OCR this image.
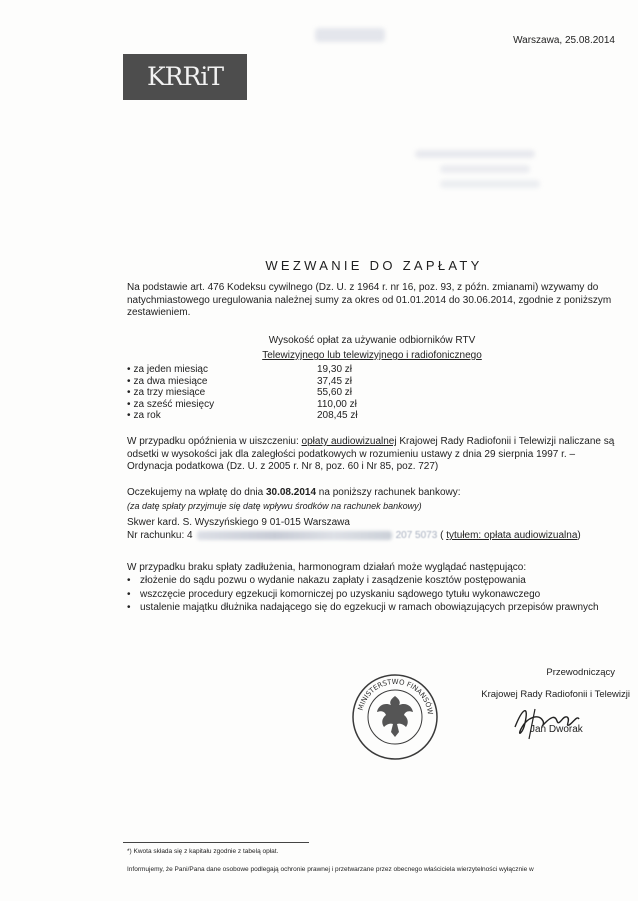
Warszawa, 25.08.2014
KRRiT
WEZWANIE DO ZAPŁATY
Na podstawie art. 476 Kodeksu cywilnego (Dz. U. z 1964 r. nr 16, poz. 93, z późn. zmianami) wzywamy do natychmiastowego uregulowania należnej sumy za okres od 01.01.2014 do 30.06.2014, zgodnie z poniższym zestawieniem.
Wysokość opłat za używanie odbiorników RTV
Telewizyjnego lub telewizyjnego i radiofonicznego
• za jeden miesiąc	19,30 zł
• za dwa miesiące	37,45 zł
• za trzy miesiące	55,60 zł
• za sześć miesięcy	110,00 zł
• za rok	208,45 zł
W przypadku opóźnienia w uiszczeniu: opłaty audiowizualnej Krajowej Rady Radiofonii i Telewizji naliczane są odsetki w wysokości jak dla zaległości podatkowych w rozumieniu ustawy z dnia 29 sierpnia 1997 r. – Ordynacja podatkowa (Dz. U. z 2005 r. Nr 8, poz. 60 i Nr 85, poz. 727)
Oczekujemy na wpłatę do dnia 30.08.2014 na poniższy rachunek bankowy:
(za datę spłaty przyjmuje się datę wpływu środków na rachunek bankowy)
Skwer kard. S. Wyszyńskiego 9 01-015 Warszawa
Nr rachunku: 4	207 5073 ( tytułem: opłata audiowizualna)
W przypadku braku spłaty zadłużenia, harmonogram działań może wyglądać następująco:
• złożenie do sądu pozwu o wydanie nakazu zapłaty i zasądzenie kosztów postępowania
• wszczęcie procedury egzekucji komorniczej po uzyskaniu sądowego tytułu wykonawczego
• ustalenie majątku dłużnika nadającego się do egzekucji w ramach obowiązujących przepisów prawnych
MINISTERSTWO FINANSÓW
Przewodniczący
Krajowej Rady Radiofonii i Telewizji
Jan Dworak
*) Kwota składa się z kapitału zgodnie z tabelą opłat.
Informujemy, że Pani/Pana dane osobowe podlegają ochronie prawnej i przetwarzane przez obecnego właściciela wierzytelności wyłącznie w
